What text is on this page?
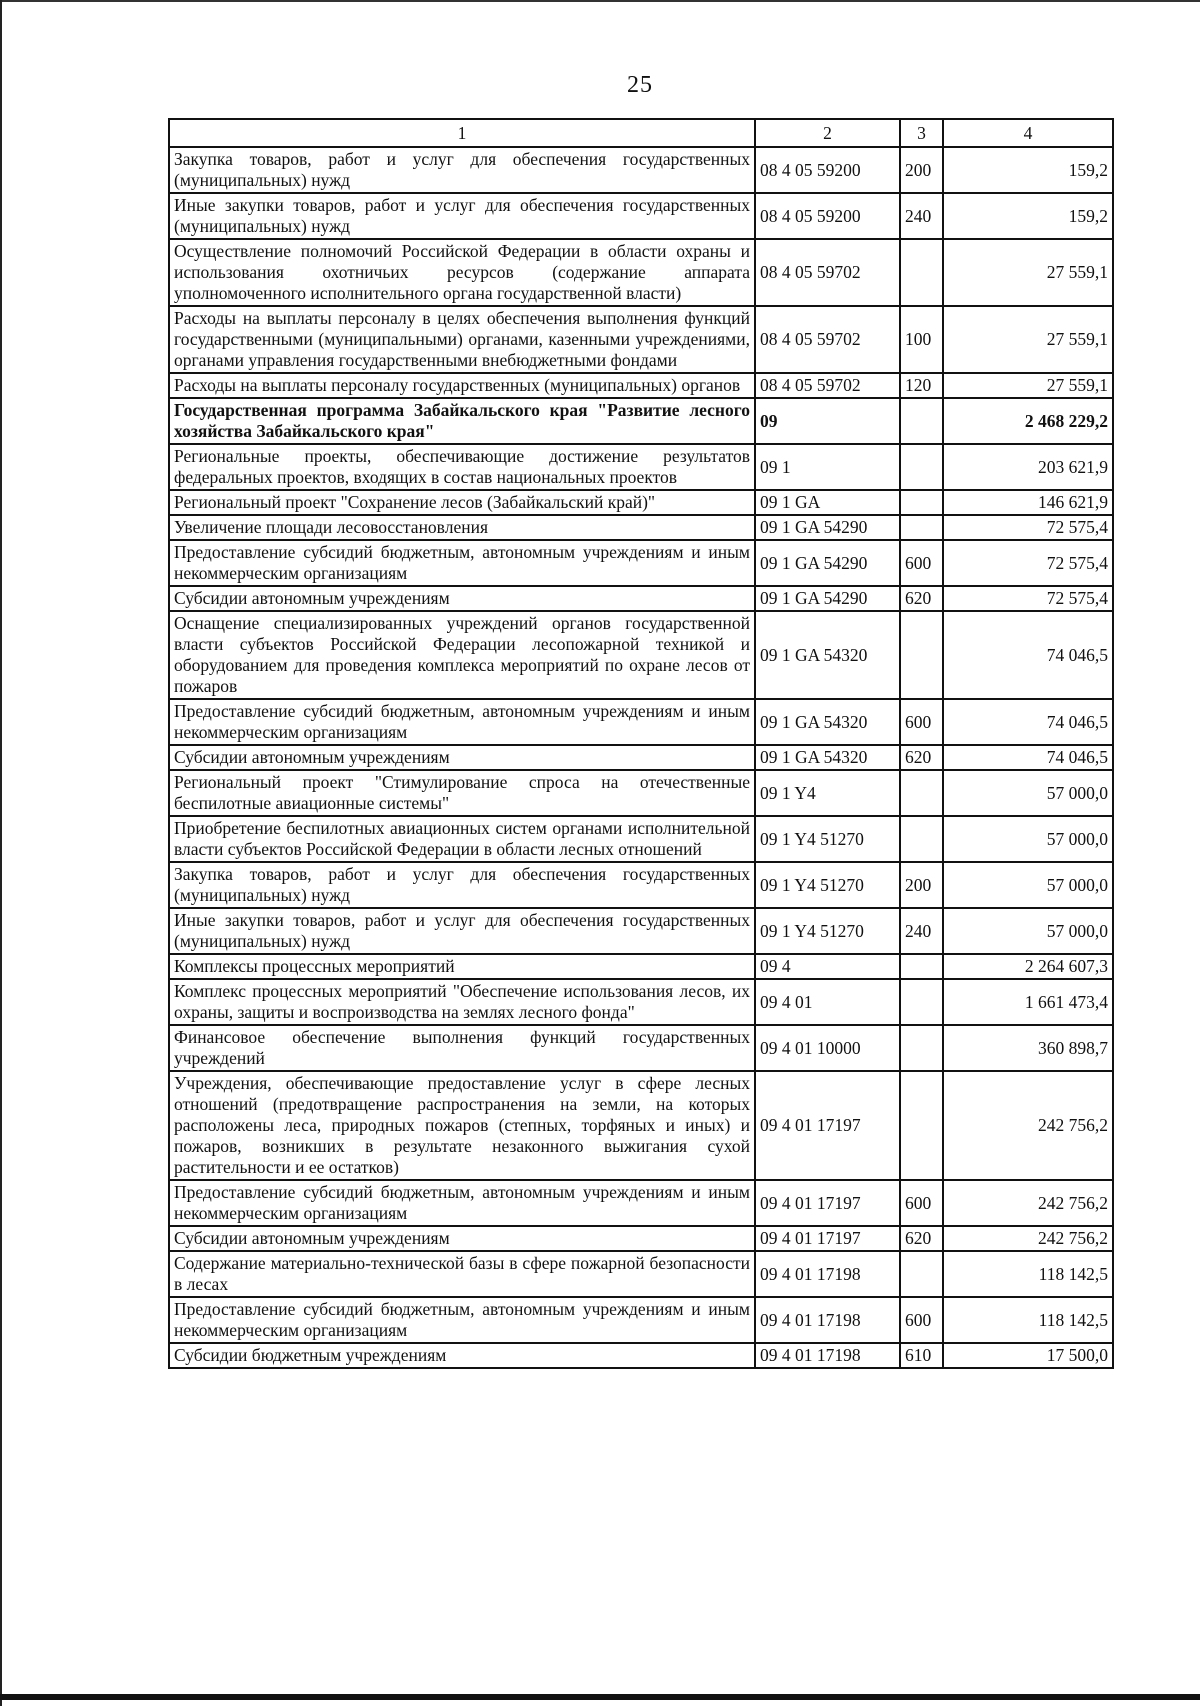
25
1	2	3	4
Закупка товаров, работ и услуг для обеспечения государственных (муниципальных) нужд	08 4 05 59200	200	159,2
Иные закупки товаров, работ и услуг для обеспечения государственных (муниципальных) нужд	08 4 05 59200	240	159,2
Осуществление полномочий Российской Федерации в области охраны и использования охотничьих ресурсов (содержание аппарата уполномоченного исполнительного органа государственной власти)	08 4 05 59702		27 559,1
Расходы на выплаты персоналу в целях обеспечения выполнения функций государственными (муниципальными) органами, казенными учреждениями, органами управления государственными внебюджетными фондами	08 4 05 59702	100	27 559,1
Расходы на выплаты персоналу государственных (муниципальных) органов	08 4 05 59702	120	27 559,1
Государственная программа Забайкальского края "Развитие лесного хозяйства Забайкальского края"	09		2 468 229,2
Региональные проекты, обеспечивающие достижение результатов федеральных проектов, входящих в состав национальных проектов	09 1		203 621,9
Региональный проект "Сохранение лесов (Забайкальский край)"	09 1 GA		146 621,9
Увеличение площади лесовосстановления	09 1 GA 54290		72 575,4
Предоставление субсидий бюджетным, автономным учреждениям и иным некоммерческим организациям	09 1 GA 54290	600	72 575,4
Субсидии автономным учреждениям	09 1 GA 54290	620	72 575,4
Оснащение специализированных учреждений органов государственной власти субъектов Российской Федерации лесопожарной техникой и оборудованием для проведения комплекса мероприятий по охране лесов от пожаров	09 1 GA 54320		74 046,5
Предоставление субсидий бюджетным, автономным учреждениям и иным некоммерческим организациям	09 1 GA 54320	600	74 046,5
Субсидии автономным учреждениям	09 1 GA 54320	620	74 046,5
Региональный проект "Стимулирование спроса на отечественные беспилотные авиационные системы"	09 1 Y4		57 000,0
Приобретение беспилотных авиационных систем органами исполнительной власти субъектов Российской Федерации в области лесных отношений	09 1 Y4 51270		57 000,0
Закупка товаров, работ и услуг для обеспечения государственных (муниципальных) нужд	09 1 Y4 51270	200	57 000,0
Иные закупки товаров, работ и услуг для обеспечения государственных (муниципальных) нужд	09 1 Y4 51270	240	57 000,0
Комплексы процессных мероприятий	09 4		2 264 607,3
Комплекс процессных мероприятий "Обеспечение использования лесов, их охраны, защиты и воспроизводства на землях лесного фонда"	09 4 01		1 661 473,4
Финансовое обеспечение выполнения функций государственных учреждений	09 4 01 10000		360 898,7
Учреждения, обеспечивающие предоставление услуг в сфере лесных отношений (предотвращение распространения на земли, на которых расположены леса, природных пожаров (степных, торфяных и иных) и пожаров, возникших в результате незаконного выжигания сухой растительности и ее остатков)	09 4 01 17197		242 756,2
Предоставление субсидий бюджетным, автономным учреждениям и иным некоммерческим организациям	09 4 01 17197	600	242 756,2
Субсидии автономным учреждениям	09 4 01 17197	620	242 756,2
Содержание материально-технической базы в сфере пожарной безопасности в лесах	09 4 01 17198		118 142,5
Предоставление субсидий бюджетным, автономным учреждениям и иным некоммерческим организациям	09 4 01 17198	600	118 142,5
Субсидии бюджетным учреждениям	09 4 01 17198	610	17 500,0
